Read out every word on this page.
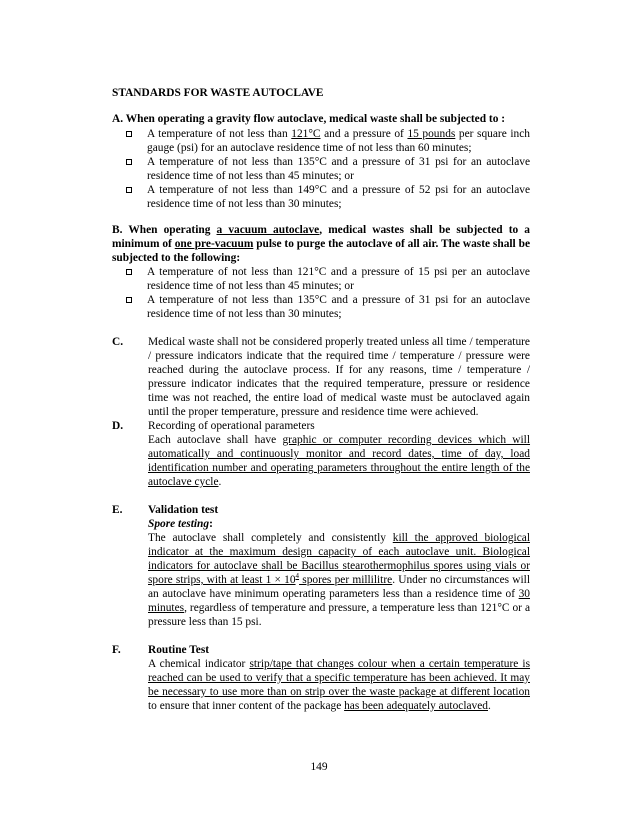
STANDARDS FOR WASTE AUTOCLAVE
A. When operating a gravity flow autoclave, medical waste shall be subjected to :
A temperature of not less than 121°C and a pressure of 15 pounds per square inch gauge (psi) for an autoclave residence time of not less than 60 minutes;
A temperature of not less than 135°C and a pressure of 31 psi for an autoclave residence time of not less than 45 minutes; or
A temperature of not less than 149°C and a pressure of 52 psi for an autoclave residence time of not less than 30 minutes;
B. When operating a vacuum autoclave, medical wastes shall be subjected to a minimum of one pre-vacuum pulse to purge the autoclave of all air. The waste shall be subjected to the following:
A temperature of not less than 121°C and a pressure of 15 psi per an autoclave residence time of not less than 45 minutes; or
A temperature of not less than 135°C and a pressure of 31 psi for an autoclave residence time of not less than 30 minutes;
C. Medical waste shall not be considered properly treated unless all time / temperature / pressure indicators indicate that the required time / temperature / pressure were reached during the autoclave process. If for any reasons, time / temperature / pressure indicator indicates that the required temperature, pressure or residence time was not reached, the entire load of medical waste must be autoclaved again until the proper temperature, pressure and residence time were achieved.
D. Recording of operational parameters
Each autoclave shall have graphic or computer recording devices which will automatically and continuously monitor and record dates, time of day, load identification number and operating parameters throughout the entire length of the autoclave cycle.
E. Validation test
Spore testing:
The autoclave shall completely and consistently kill the approved biological indicator at the maximum design capacity of each autoclave unit. Biological indicators for autoclave shall be Bacillus stearothermophilus spores using vials or spore strips, with at least $1 \times 10^4$ spores per millilitre. Under no circumstances will an autoclave have minimum operating parameters less than a residence time of 30 minutes, regardless of temperature and pressure, a temperature less than 121°C or a pressure less than 15 psi.
F. Routine Test
A chemical indicator strip/tape that changes colour when a certain temperature is reached can be used to verify that a specific temperature has been achieved. It may be necessary to use more than on strip over the waste package at different location to ensure that inner content of the package has been adequately autoclaved.
149
